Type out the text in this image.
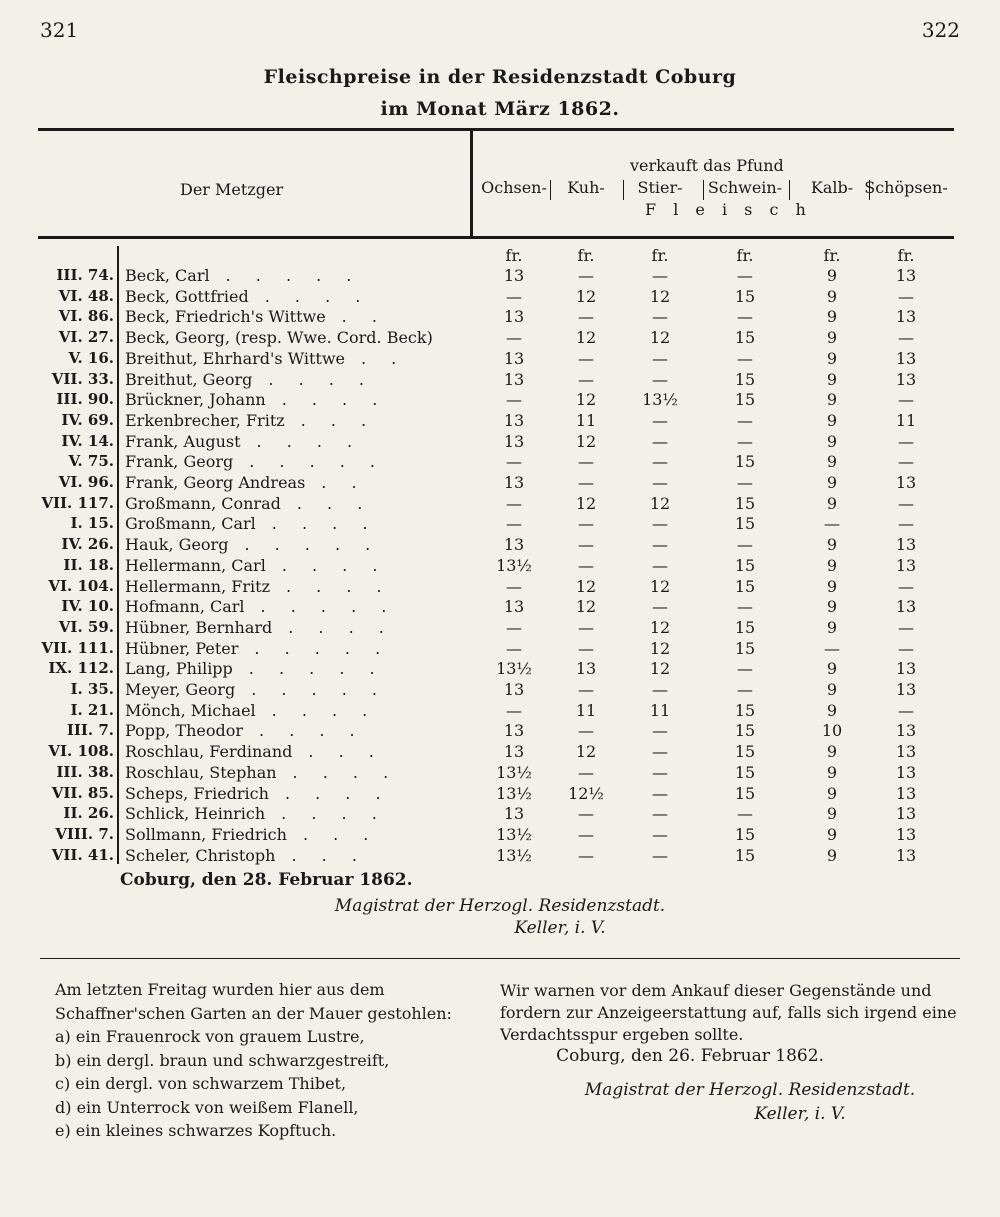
321	322
Fleischpreise in der Residenzstadt Coburg
im Monat März 1862.
Der Metzger
verkauft das Pfund
F l e i s c h
Ochsen-	Kuh-	Stier-	Schwein-	Kalb- Schöpsen-
fr.	fr.	fr.	fr.	fr.	fr.
III. 74. Beck, Carl . . . . .	13	—	—	—	9	13
VI. 48. Beck, Gottfried . . . .	—	12	12	15	9	—
VI. 86. Beck, Friedrich's Wittwe . .	13	—	—	—	9	13
VI. 27. Beck, Georg, (resp. Wwe. Cord. Beck)	—	12	12	15	9	—
V. 16. Breithut, Ehrhard's Wittwe . .	13	—	—	—	9	13
VII. 33. Breithut, Georg . . . .	13	—	—	15	9	13
III. 90. Brückner, Johann . . . .	—	12	13½	15	9	—
IV. 69. Erkenbrecher, Fritz . . .	13	11	—	—	9	11
IV. 14. Frank, August . . . .	13	12	—	—	9	—
V. 75. Frank, Georg . . . . .	—	—	—	15	9	—
VI. 96. Frank, Georg Andreas . .	13	—	—	—	9	13
VII. 117. Großmann, Conrad . . .	—	12	12	15	9	—
I. 15. Großmann, Carl . . . .	—	—	—	15	—	—
IV. 26. Hauk, Georg . . . . .	13	—	—	—	9	13
II. 18. Hellermann, Carl . . . .	13½	—	—	15	9	13
VI. 104. Hellermann, Fritz . . . .	—	12	12	15	9	—
IV. 10. Hofmann, Carl . . . . .	13	12	—	—	9	13
VI. 59. Hübner, Bernhard . . . .	—	—	12	15	9	—
VII. 111. Hübner, Peter . . . . .	—	—	12	15	—	—
IX. 112. Lang, Philipp . . . . .	13½	13	12	—	9	13
I. 35. Meyer, Georg . . . . .	13	—	—	—	9	13
I. 21. Mönch, Michael . . . .	—	11	11	15	9	—
III. 7. Popp, Theodor . . . .	13	—	—	15	10	13
VI. 108. Roschlau, Ferdinand . . .	13	12	—	15	9	13
III. 38. Roschlau, Stephan . . . .	13½	—	—	15	9	13
VII. 85. Scheps, Friedrich . . . .	13½	12½	—	15	9	13
II. 26. Schlick, Heinrich . . . .	13	—	—	—	9	13
VIII. 7. Sollmann, Friedrich . . .	13½	—	—	15	9	13
VII. 41. Scheler, Christoph . . .	13½	—	—	15	9	13
Coburg, den 28. Februar 1862.
Magistrat der Herzogl. Residenzstadt.
Keller, i. V.
Am letzten Freitag wurden hier aus dem Schaffner'schen Garten an der Mauer gestohlen:
a) ein Frauenrock von grauem Lustre,
b) ein dergl. braun und schwarzgestreift,
c) ein dergl. von schwarzem Thibet,
d) ein Unterrock von weißem Flanell,
e) ein kleines schwarzes Kopftuch.
Wir warnen vor dem Ankauf dieser Gegenstände und fordern zur Anzeigeerstattung auf, falls sich irgend eine Verdachtsspur ergeben sollte.
Coburg, den 26. Februar 1862.
Magistrat der Herzogl. Residenzstadt.
Keller, i. V.
